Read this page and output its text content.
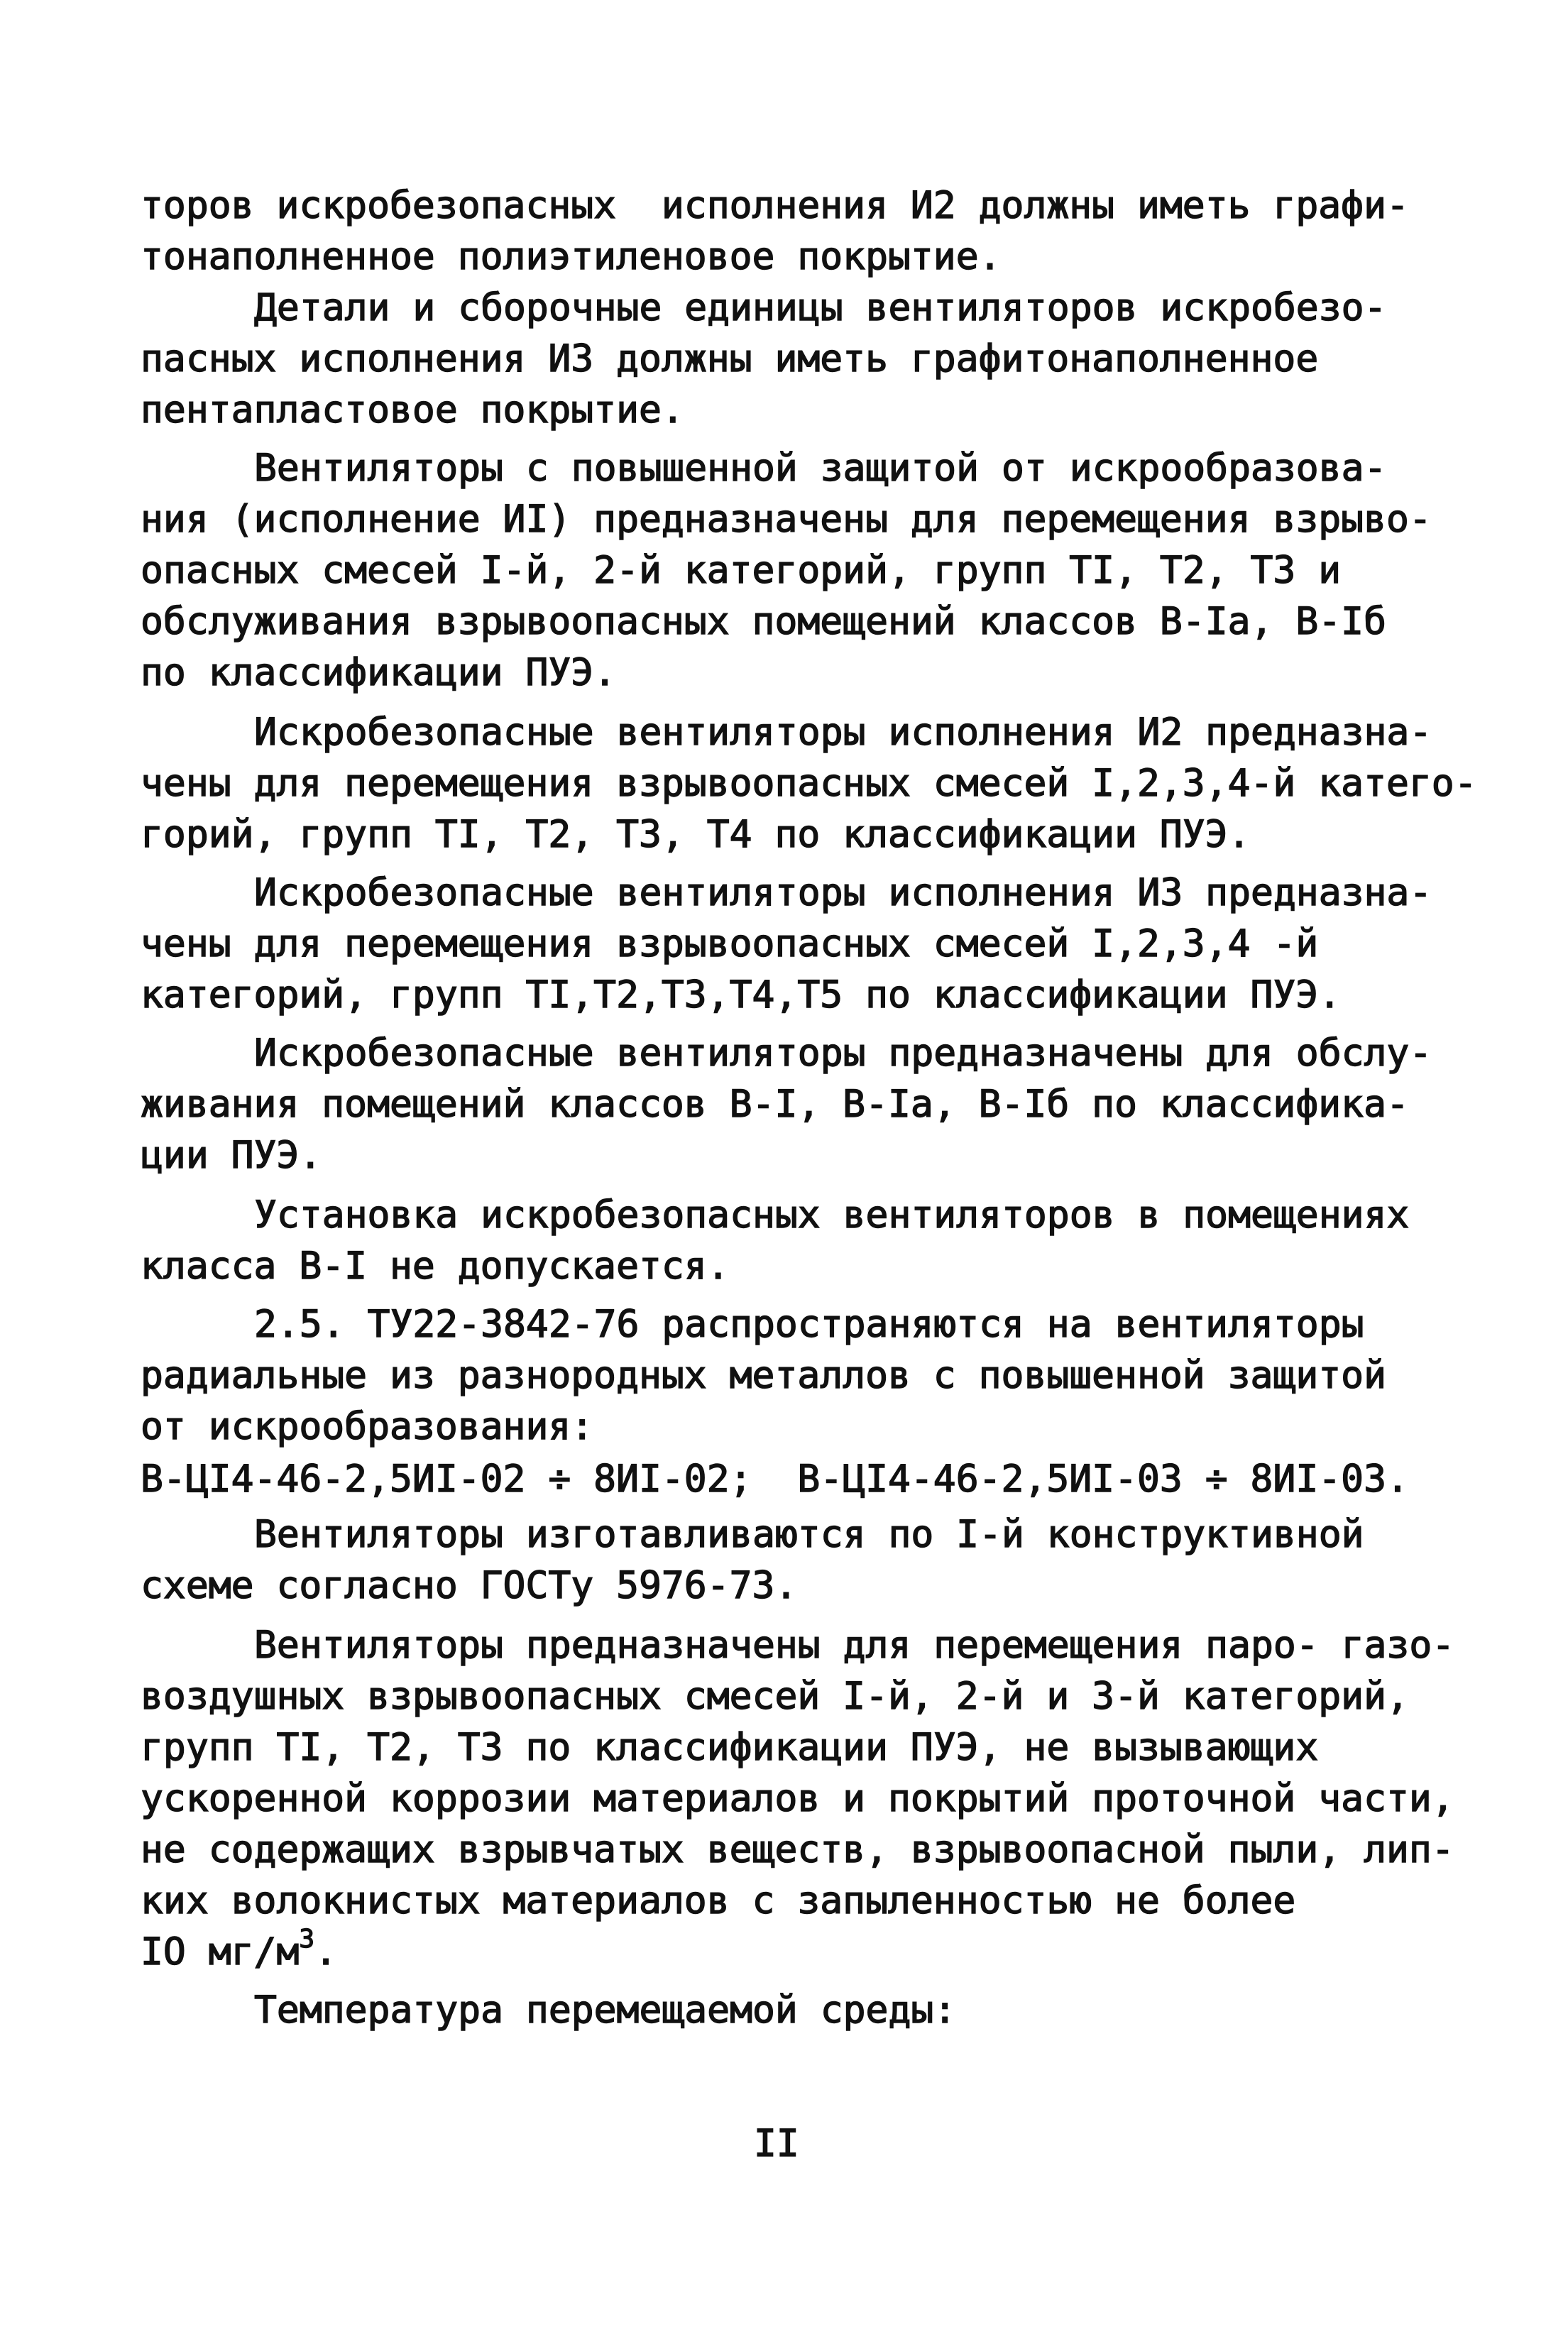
торов искробезопасных  исполнения И2 должны иметь графи-
тонаполненное полиэтиленовое покрытие.
Детали и сборочные единицы вентиляторов искробезо-
пасных исполнения И3 должны иметь графитонаполненное
пентапластовое покрытие.
Вентиляторы с повышенной защитой от искрообразова-
ния (исполнение ИI) предназначены для перемещения взрыво-
опасных смесей I-й, 2-й категорий, групп ТI, Т2, Т3 и
обслуживания взрывоопасных помещений классов В-Iа, В-Iб
по классификации ПУЭ.
Искробезопасные вентиляторы исполнения И2 предназна-
чены для перемещения взрывоопасных смесей I,2,3,4-й катего-
горий, групп ТI, Т2, Т3, Т4 по классификации ПУЭ.
Искробезопасные вентиляторы исполнения И3 предназна-
чены для перемещения взрывоопасных смесей I,2,3,4 -й
категорий, групп ТI,Т2,Т3,Т4,Т5 по классификации ПУЭ.
Искробезопасные вентиляторы предназначены для обслу-
живания помещений классов В-I, В-Iа, В-Iб по классифика-
ции ПУЭ.
Установка искробезопасных вентиляторов в помещениях
класса В-I не допускается.
2.5. ТУ22-3842-76 распространяются на вентиляторы
радиальные из разнородных металлов с повышенной защитой
от искрообразования:
В-ЦI4-46-2,5ИI-02 ÷ 8ИI-02;  В-ЦI4-46-2,5ИI-03 ÷ 8ИI-03.
Вентиляторы изготавливаются по I-й конструктивной
схеме согласно ГОСТу 5976-73.
Вентиляторы предназначены для перемещения паро- газо-
воздушных взрывоопасных смесей I-й, 2-й и 3-й категорий,
групп ТI, Т2, Т3 по классификации ПУЭ, не вызывающих
ускоренной коррозии материалов и покрытий проточной части,
не содержащих взрывчатых веществ, взрывоопасной пыли, лип-
ких волокнистых материалов с запыленностью не более
IO $мг/м^3$.
Температура перемещаемой среды:
II
